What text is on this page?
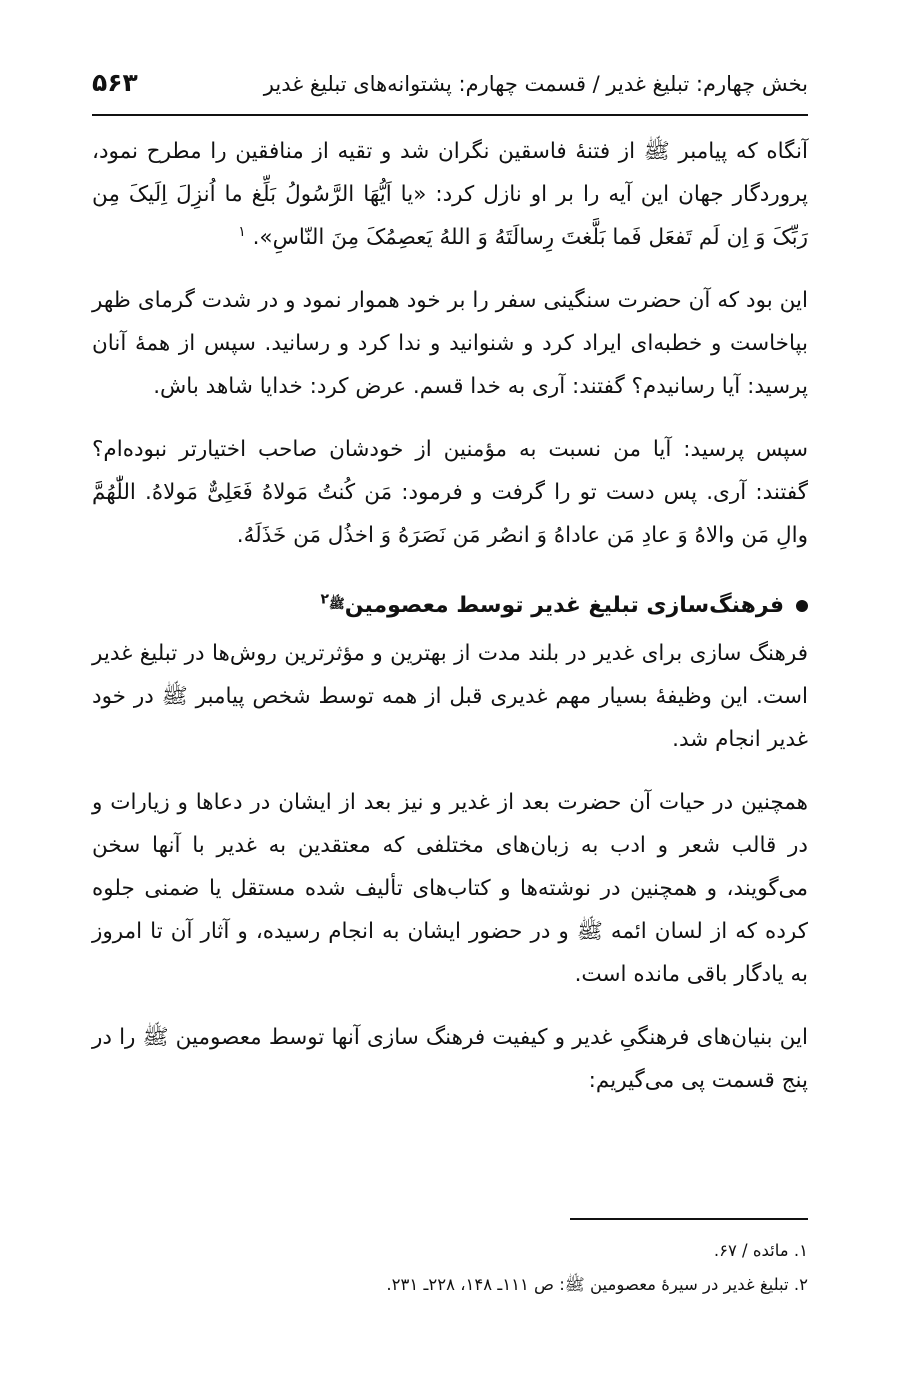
بخش چهارم: تبلیغ غدیر / قسمت چهارم: پشتوانه‌های تبلیغ غدیر
۵۶۳

آنگاه که پیامبر ﷺ از فتنهٔ فاسقین نگران شد و تقیه از منافقین را مطرح نمود، پروردگار جهان این آیه را بر او نازل کرد: «یا اَیُّهَا الرَّسُولُ بَلِّغ ما اُنزِلَ اِلَیکَ مِن رَبِّکَ وَ اِن لَم تَفعَل فَما بَلَّغتَ رِسالَتَهُ وَ اللهُ یَعصِمُکَ مِنَ النّاسِ». $^۱$

این بود که آن حضرت سنگینی سفر را بر خود هموار نمود و در شدت گرمای ظهر بپاخاست و خطبه‌ای ایراد کرد و شنوانید و ندا کرد و رسانید. سپس از همهٔ آنان پرسید: آیا رسانیدم؟ گفتند: آری به خدا قسم. عرض کرد: خدایا شاهد باش.

سپس پرسید: آیا من نسبت به مؤمنین از خودشان صاحب اختیارتر نبوده‌ام؟ گفتند: آری. پس دست تو را گرفت و فرمود: مَن کُنتُ مَولاهُ فَعَلِیٌّ مَولاهُ. اللّٰهُمَّ والِ مَن والاهُ وَ عادِ مَن عاداهُ وَ انصُر مَن نَصَرَهُ وَ اخذُل مَن خَذَلَهُ.

فرهنگ‌سازی تبلیغ غدیر توسط معصومینﷺ$^۲$

فرهنگ سازی برای غدیر در بلند مدت از بهترین و مؤثرترین روش‌ها در تبلیغ غدیر است. این وظیفهٔ بسیار مهم غدیری قبل از همه توسط شخص پیامبر ﷺ در خود غدیر انجام شد.

همچنین در حیات آن حضرت بعد از غدیر و نیز بعد از ایشان در دعاها و زیارات و در قالب شعر و ادب به زبان‌های مختلفی که معتقدین به غدیر با آنها سخن می‌گویند، و همچنین در نوشته‌ها و کتاب‌های تألیف شده مستقل یا ضمنی جلوه کرده که از لسان ائمه ﷺ و در حضور ایشان به انجام رسیده، و آثار آن تا امروز به یادگار باقی مانده است.

این بنیان‌های فرهنگیِ غدیر و کیفیت فرهنگ سازی آنها توسط معصومین ﷺ را در پنج قسمت پی می‌گیریم:

۱. مائده / ۶۷.

۲. تبلیغ غدیر در سیرهٔ معصومین ﷺ: ص ۱۱۱ـ ۱۴۸، ۲۲۸ـ ۲۳۱.
